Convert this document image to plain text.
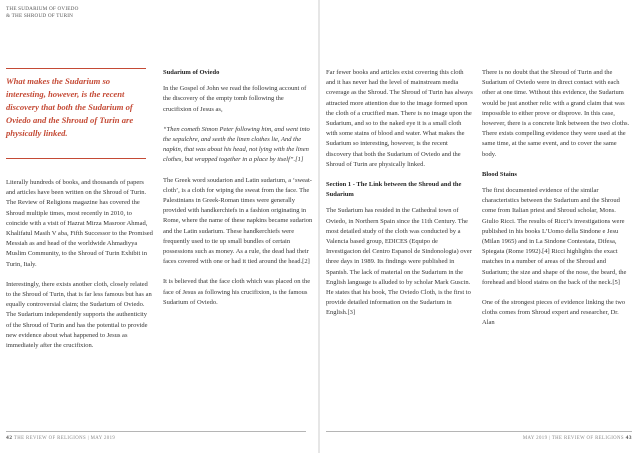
THE SUDARIUM OF OVIEDO
& THE SHROUD OF TURIN
What makes the Sudarium so interesting, however, is the recent discovery that both the Sudarium of Oviedo and the Shroud of Turin are physically linked.

Literally hundreds of books, and thousands of papers and articles have been written on the Shroud of Turin. The Review of Religions magazine has covered the Shroud multiple times, most recently in 2010, to coincide with a visit of Hazrat Mirza Masroor Ahmad, Khalifatul Masih V aba, Fifth Successor to the Promised Messiah as and head of the worldwide Ahmadiyya Muslim Community, to the Shroud of Turin Exhibit in Turin, Italy.

Interestingly, there exists another cloth, closely related to the Shroud of Turin, that is far less famous but has an equally controversial claim; the Sudarium of Oviedo. The Sudarium independently supports the authenticity of the Shroud of Turin and has the potential to provide new evidence about what happened to Jesus as immediately after the crucifixion.

Sudarium of Oviedo

In the Gospel of John we read the following account of the discovery of the empty tomb following the crucifixion of Jesus as,

“Then cometh Simon Peter following him, and went into the sepulchre, and seeth the linen clothes lie, And the napkin, that was about his head, not lying with the linen clothes, but wrapped together in a place by itself”.[1]

The Greek word soudarion and Latin sudarium, a ‘sweat-cloth’, is a cloth for wiping the sweat from the face. The Palestinians in Greek-Roman times were generally provided with handkerchiefs in a fashion originating in Rome, where the name of these napkins became sudarion and the Latin sudarium. These handkerchiefs were frequently used to tie up small bundles of certain possessions such as money. As a rule, the dead had their faces covered with one or had it tied around the head.[2]

It is believed that the face cloth which was placed on the face of Jesus as following his crucifixion, is the famous Sudarium of Oviedo.

42 THE REVIEW OF RELIGIONS | MAY 2019

Far fewer books and articles exist covering this cloth and it has never had the level of mainstream media coverage as the Shroud. The Shroud of Turin has always attracted more attention due to the image formed upon the cloth of a crucified man. There is no image upon the Sudarium, and so to the naked eye it is a small cloth with some stains of blood and water. What makes the Sudarium so interesting, however, is the recent discovery that both the Sudarium of Oviedo and the Shroud of Turin are physically linked.

Section 1 - The Link between the Shroud and the Sudarium

The Sudarium has resided in the Cathedral town of Oviedo, in Northern Spain since the 11th Century. The most detailed study of the cloth was conducted by a Valencia based group, EDICES (Equipo de Investigacion del Centro Espanol de Sindonologia) over three days in 1989. Its findings were published in Spanish. The lack of material on the Sudarium in the English language is alluded to by scholar Mark Guscin. He states that his book, The Oviedo Cloth, is the first to provide detailed information on the Sudarium in English.[3]

There is no doubt that the Shroud of Turin and the Sudarium of Oviedo were in direct contact with each other at one time. Without this evidence, the Sudarium would be just another relic with a grand claim that was impossible to either prove or disprove. In this case, however, there is a concrete link between the two cloths. There exists compelling evidence they were used at the same time, at the same event, and to cover the same body.

Blood Stains

The first documented evidence of the similar characteristics between the Sudarium and the Shroud come from Italian priest and Shroud scholar, Mons. Giulio Ricci. The results of Ricci’s investigations were published in his books L’Uomo della Sindone e Jesu (Milan 1965) and in La Sindone Contestata, Difesa, Spiegata (Rome 1992).[4] Ricci highlights the exact matches in a number of areas of the Shroud and Sudarium; the size and shape of the nose, the beard, the forehead and blood stains on the back of the neck.[5]

One of the strongest pieces of evidence linking the two cloths comes from Shroud expert and researcher, Dr. Alan

MAY 2019 | THE REVIEW OF RELIGIONS 43
